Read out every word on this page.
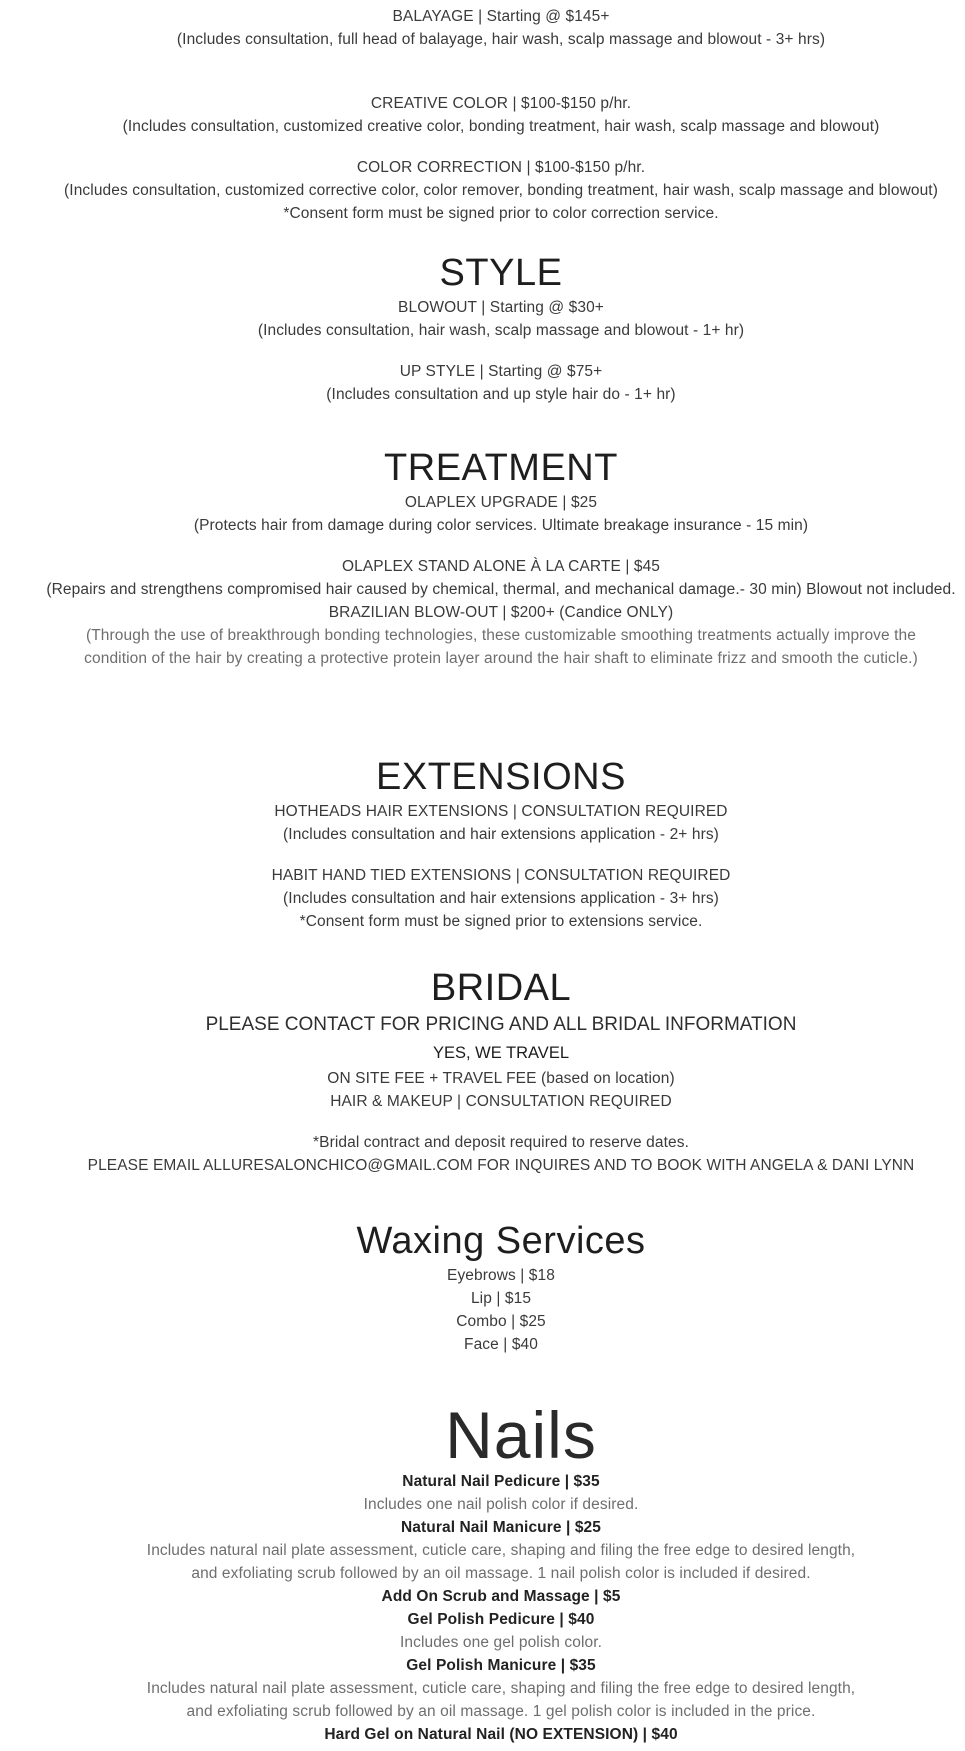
BALAYAGE | Starting @ $145+
(Includes consultation, full head of balayage, hair wash, scalp massage and blowout - 3+ hrs)
CREATIVE COLOR | $100-$150 p/hr.
(Includes consultation, customized creative color, bonding treatment, hair wash, scalp massage and blowout)
COLOR CORRECTION | $100-$150 p/hr.
(Includes consultation, customized corrective color, color remover, bonding treatment, hair wash, scalp massage and blowout)
*Consent form must be signed prior to color correction service.
STYLE
BLOWOUT | Starting @ $30+
(Includes consultation, hair wash, scalp massage and blowout - 1+ hr)
UP STYLE | Starting @ $75+
(Includes consultation and up style hair do - 1+ hr)
TREATMENT
OLAPLEX UPGRADE | $25
(Protects hair from damage during color services. Ultimate breakage insurance - 15 min)
OLAPLEX STAND ALONE À LA CARTE | $45
(Repairs and strengthens compromised hair caused by chemical, thermal, and mechanical damage.- 30 min) Blowout not included.
BRAZILIAN BLOW-OUT | $200+ (Candice ONLY)
(Through the use of breakthrough bonding technologies, these customizable smoothing treatments actually improve the condition of the hair by creating a protective protein layer around the hair shaft to eliminate frizz and smooth the cuticle.)
EXTENSIONS
HOTHEADS HAIR EXTENSIONS | CONSULTATION REQUIRED
(Includes consultation and hair extensions application - 2+ hrs)
HABIT HAND TIED EXTENSIONS | CONSULTATION REQUIRED
(Includes consultation and hair extensions application - 3+ hrs)
*Consent form must be signed prior to extensions service.
BRIDAL
PLEASE CONTACT FOR PRICING AND ALL BRIDAL INFORMATION
YES, WE TRAVEL
ON SITE FEE + TRAVEL FEE (based on location)
HAIR & MAKEUP | CONSULTATION REQUIRED
*Bridal contract and deposit required to reserve dates.
PLEASE EMAIL ALLURESALONCHICO@GMAIL.COM FOR INQUIRES AND TO BOOK WITH ANGELA & DANI LYNN
Waxing Services
Eyebrows | $18
Lip | $15
Combo | $25
Face | $40
Nails
Natural Nail Pedicure | $35
Includes one nail polish color if desired.
Natural Nail Manicure | $25
Includes natural nail plate assessment, cuticle care, shaping and filing the free edge to desired length,
and exfoliating scrub followed by an oil massage. 1 nail polish color is included if desired.
Add On Scrub and Massage | $5
Gel Polish Pedicure | $40
Includes one gel polish color.
Gel Polish Manicure | $35
Includes natural nail plate assessment, cuticle care, shaping and filing the free edge to desired length,
and exfoliating scrub followed by an oil massage. 1 gel polish color is included in the price.
Hard Gel on Natural Nail (NO EXTENSION) | $40
